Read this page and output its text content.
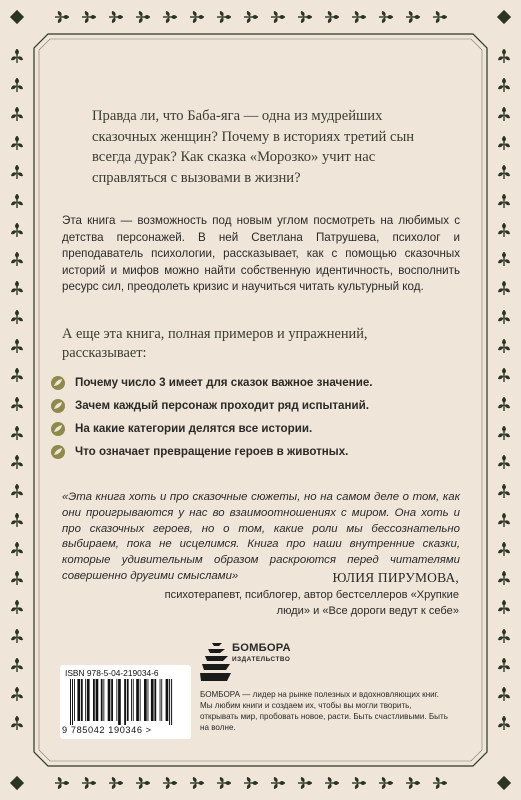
Правда ли, что Баба-яга — одна из мудрейших сказочных женщин? Почему в историях третий сын всегда дурак? Как сказка «Морозко» учит нас справляться с вызовами в жизни?
Эта книга — возможность под новым углом посмотреть на любимых с детства персонажей. В ней Светлана Патрушева, психолог и преподаватель психологии, рассказывает, как с помощью сказочных историй и мифов можно найти собственную идентичность, восполнить ресурс сил, преодолеть кризис и научиться читать культурный код.
А еще эта книга, полная примеров и упражнений, рассказывает:
Почему число 3 имеет для сказок важное значение.
Зачем каждый персонаж проходит ряд испытаний.
На какие категории делятся все истории.
Что означает превращение героев в животных.
«Эта книга хоть и про сказочные сюжеты, но на самом деле о том, как они проигрываются у нас во взаимоотношениях с миром. Она хоть и про сказочных героев, но о том, какие роли мы бессознательно выбираем, пока не исцелимся. Книга про наши внутренние сказки, которые удивительным образом раскроются перед читателями совершенно другими смыслами»	ЮЛИЯ ПИРУМОВА,
психотерапевт, псиблогер, автор бестселлеров «Хрупкие люди» и «Все дороги ведут к себе»
ISBN 978-5-04-219034-6
9 785042 190346 >
БОМБОРА
ИЗДАТЕЛЬСТВО
БОМБОРА — лидер на рынке полезных и вдохновляющих книг. Мы любим книги и создаем их, чтобы вы могли творить, открывать мир, пробовать новое, расти. Быть счастливыми. Быть на волне.
